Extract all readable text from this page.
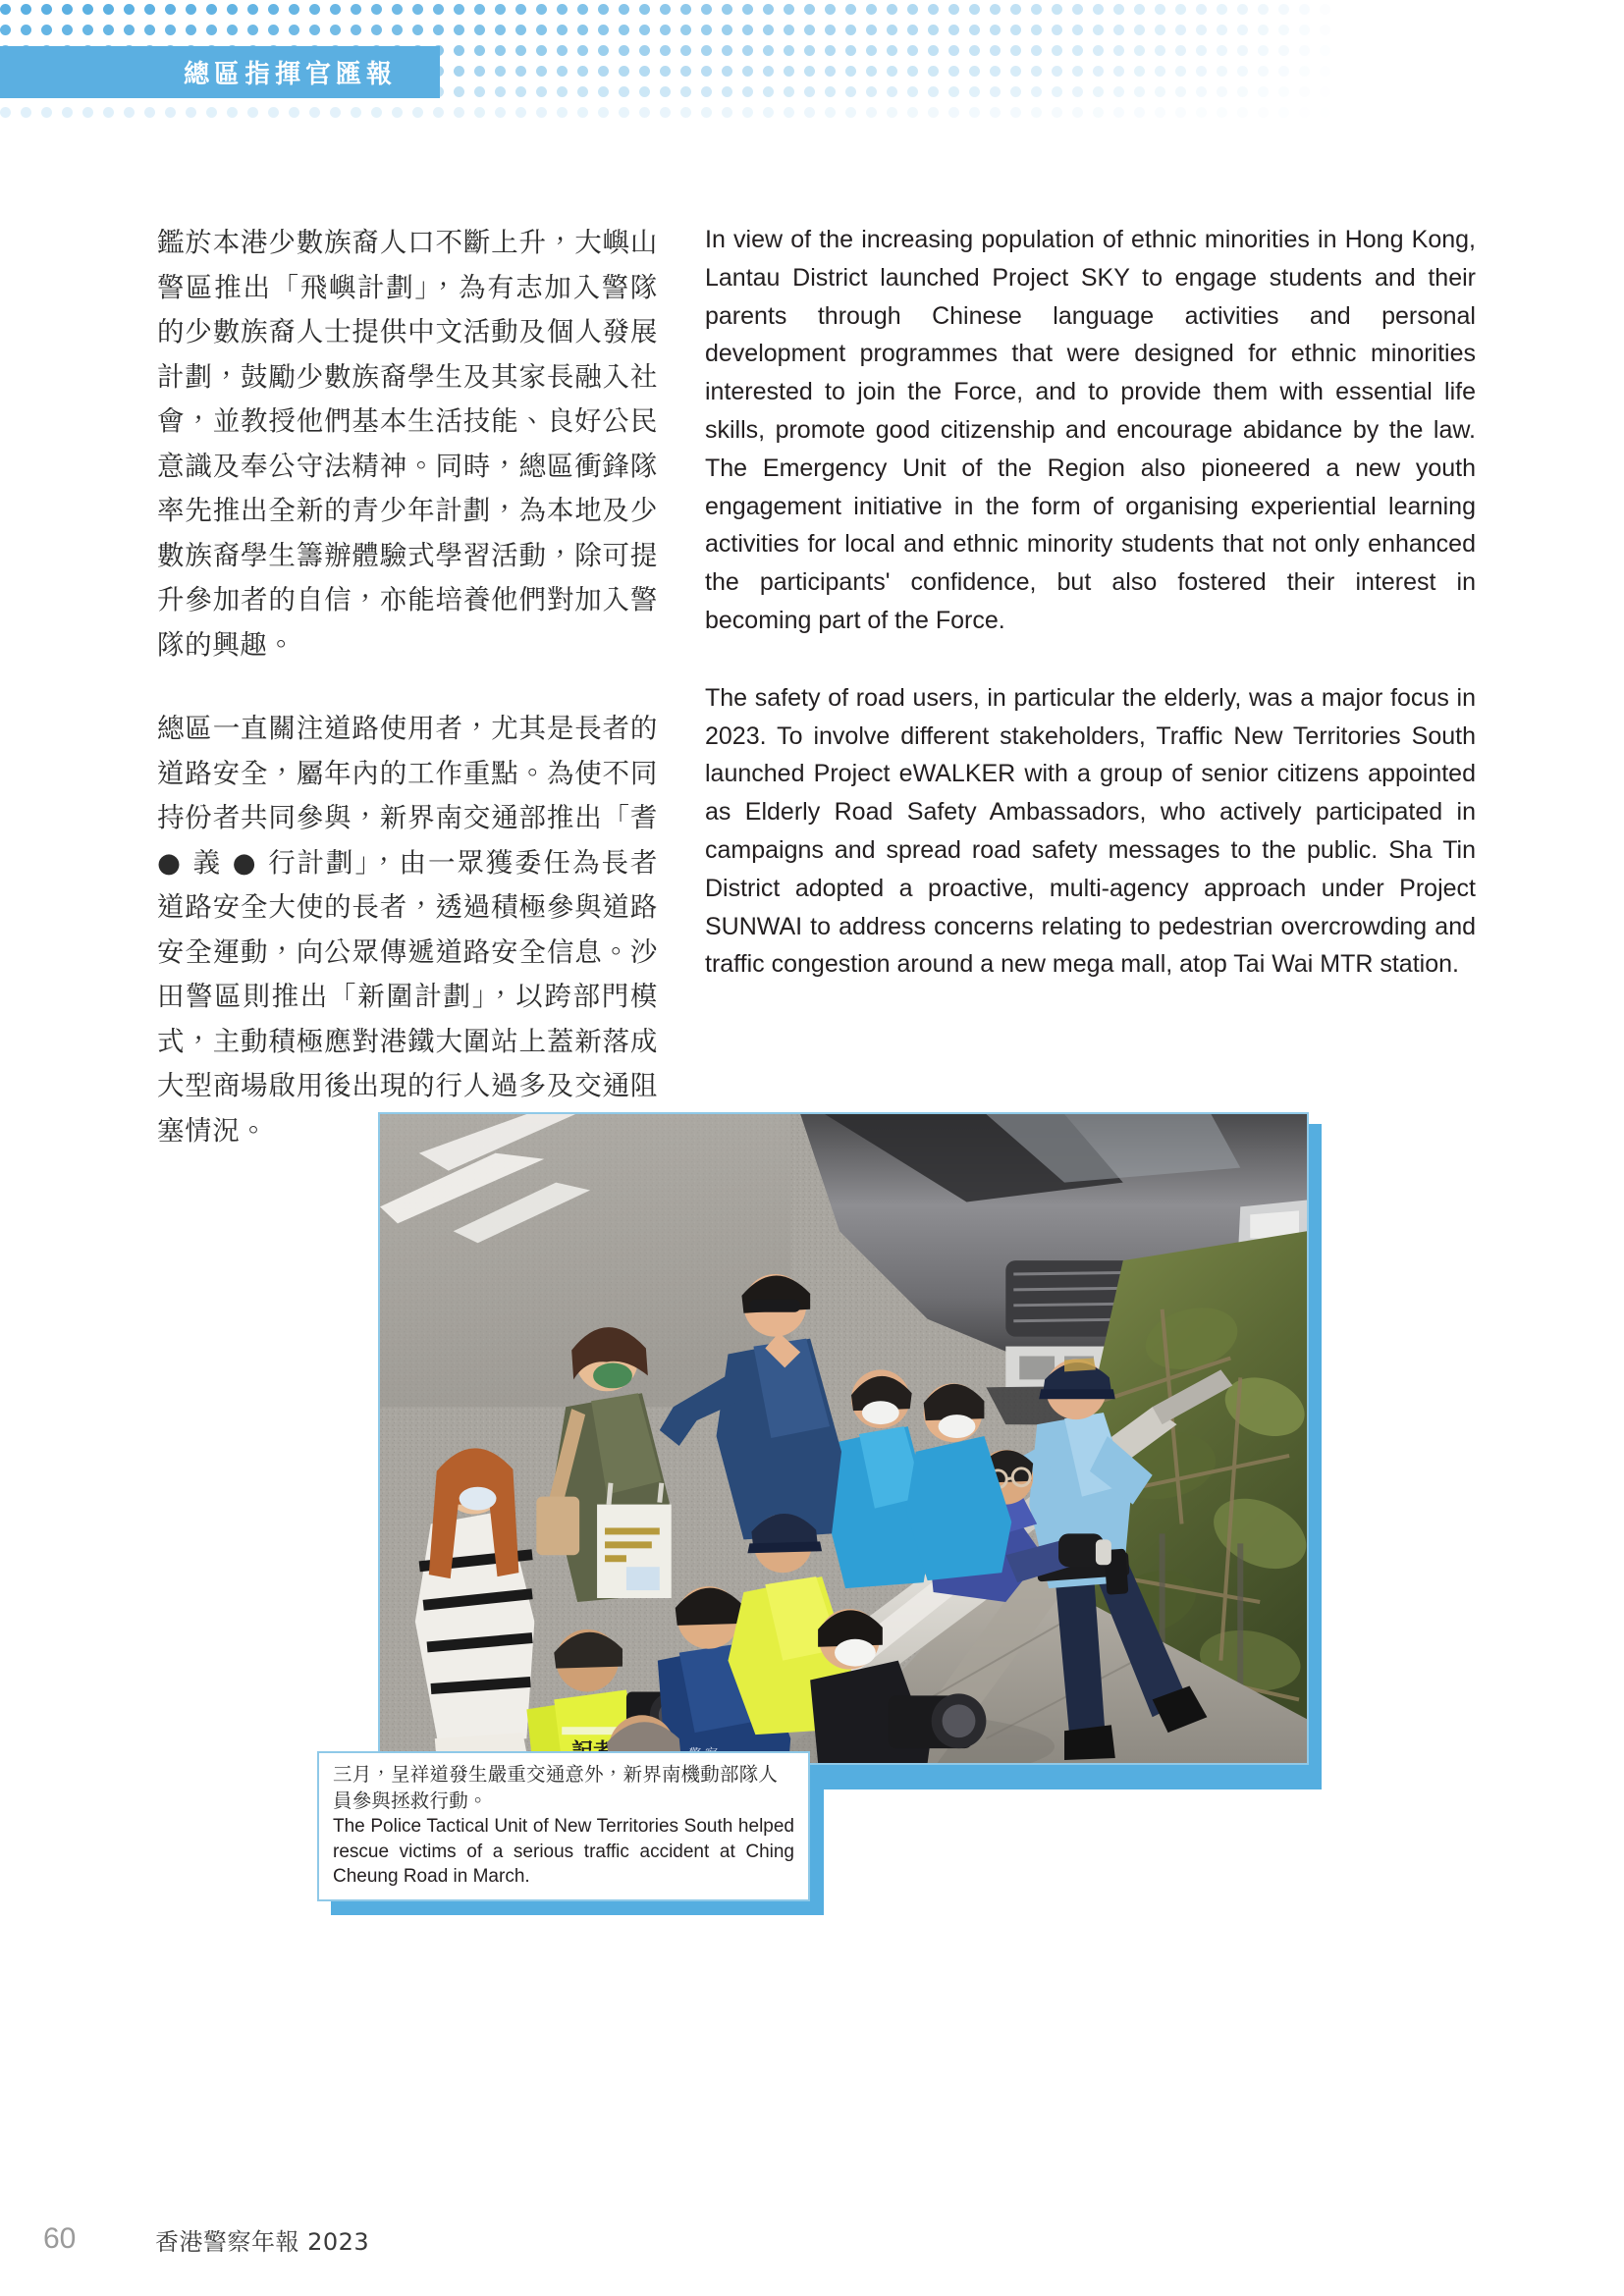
總區指揮官匯報

鑑於本港少數族裔人口不斷上升，大嶼山警區推出「飛嶼計劃」，為有志加入警隊的少數族裔人士提供中文活動及個人發展計劃，鼓勵少數族裔學生及其家長融入社會，並教授他們基本生活技能、良好公民意識及奉公守法精神。同時，總區衝鋒隊率先推出全新的青少年計劃，為本地及少數族裔學生籌辦體驗式學習活動，除可提升參加者的自信，亦能培養他們對加入警隊的興趣。

總區一直關注道路使用者，尤其是長者的道路安全，屬年內的工作重點。為使不同持份者共同參與，新界南交通部推出「耆 ● 義 ● 行計劃」，由一眾獲委任為長者道路安全大使的長者，透過積極參與道路安全運動，向公眾傳遞道路安全信息。沙田警區則推出「新圍計劃」，以跨部門模式，主動積極應對港鐵大圍站上蓋新落成大型商場啟用後出現的行人過多及交通阻塞情況。

In view of the increasing population of ethnic minorities in Hong Kong, Lantau District launched Project SKY to engage students and their parents through Chinese language activities and personal development programmes that were designed for ethnic minorities interested to join the Force, and to provide them with essential life skills, promote good citizenship and encourage abidance by the law. The Emergency Unit of the Region also pioneered a new youth engagement initiative in the form of organising experiential learning activities for local and ethnic minority students that not only enhanced the participants' confidence, but also fostered their interest in becoming part of the Force.

The safety of road users, in particular the elderly, was a major focus in 2023. To involve different stakeholders, Traffic New Territories South launched Project eWALKER with a group of senior citizens appointed as Elderly Road Safety Ambassadors, who actively participated in campaigns and spread road safety messages to the public. Sha Tin District adopted a proactive, multi-agency approach under Project SUNWAI to address concerns relating to pedestrian overcrowding and traffic congestion around a new mega mall, atop Tai Wai MTR station.

三月，呈祥道發生嚴重交通意外，新界南機動部隊人員參與拯救行動。

The Police Tactical Unit of New Territories South helped rescue victims of a serious traffic accident at Ching Cheung Road in March.

60	香港警察年報 2023
